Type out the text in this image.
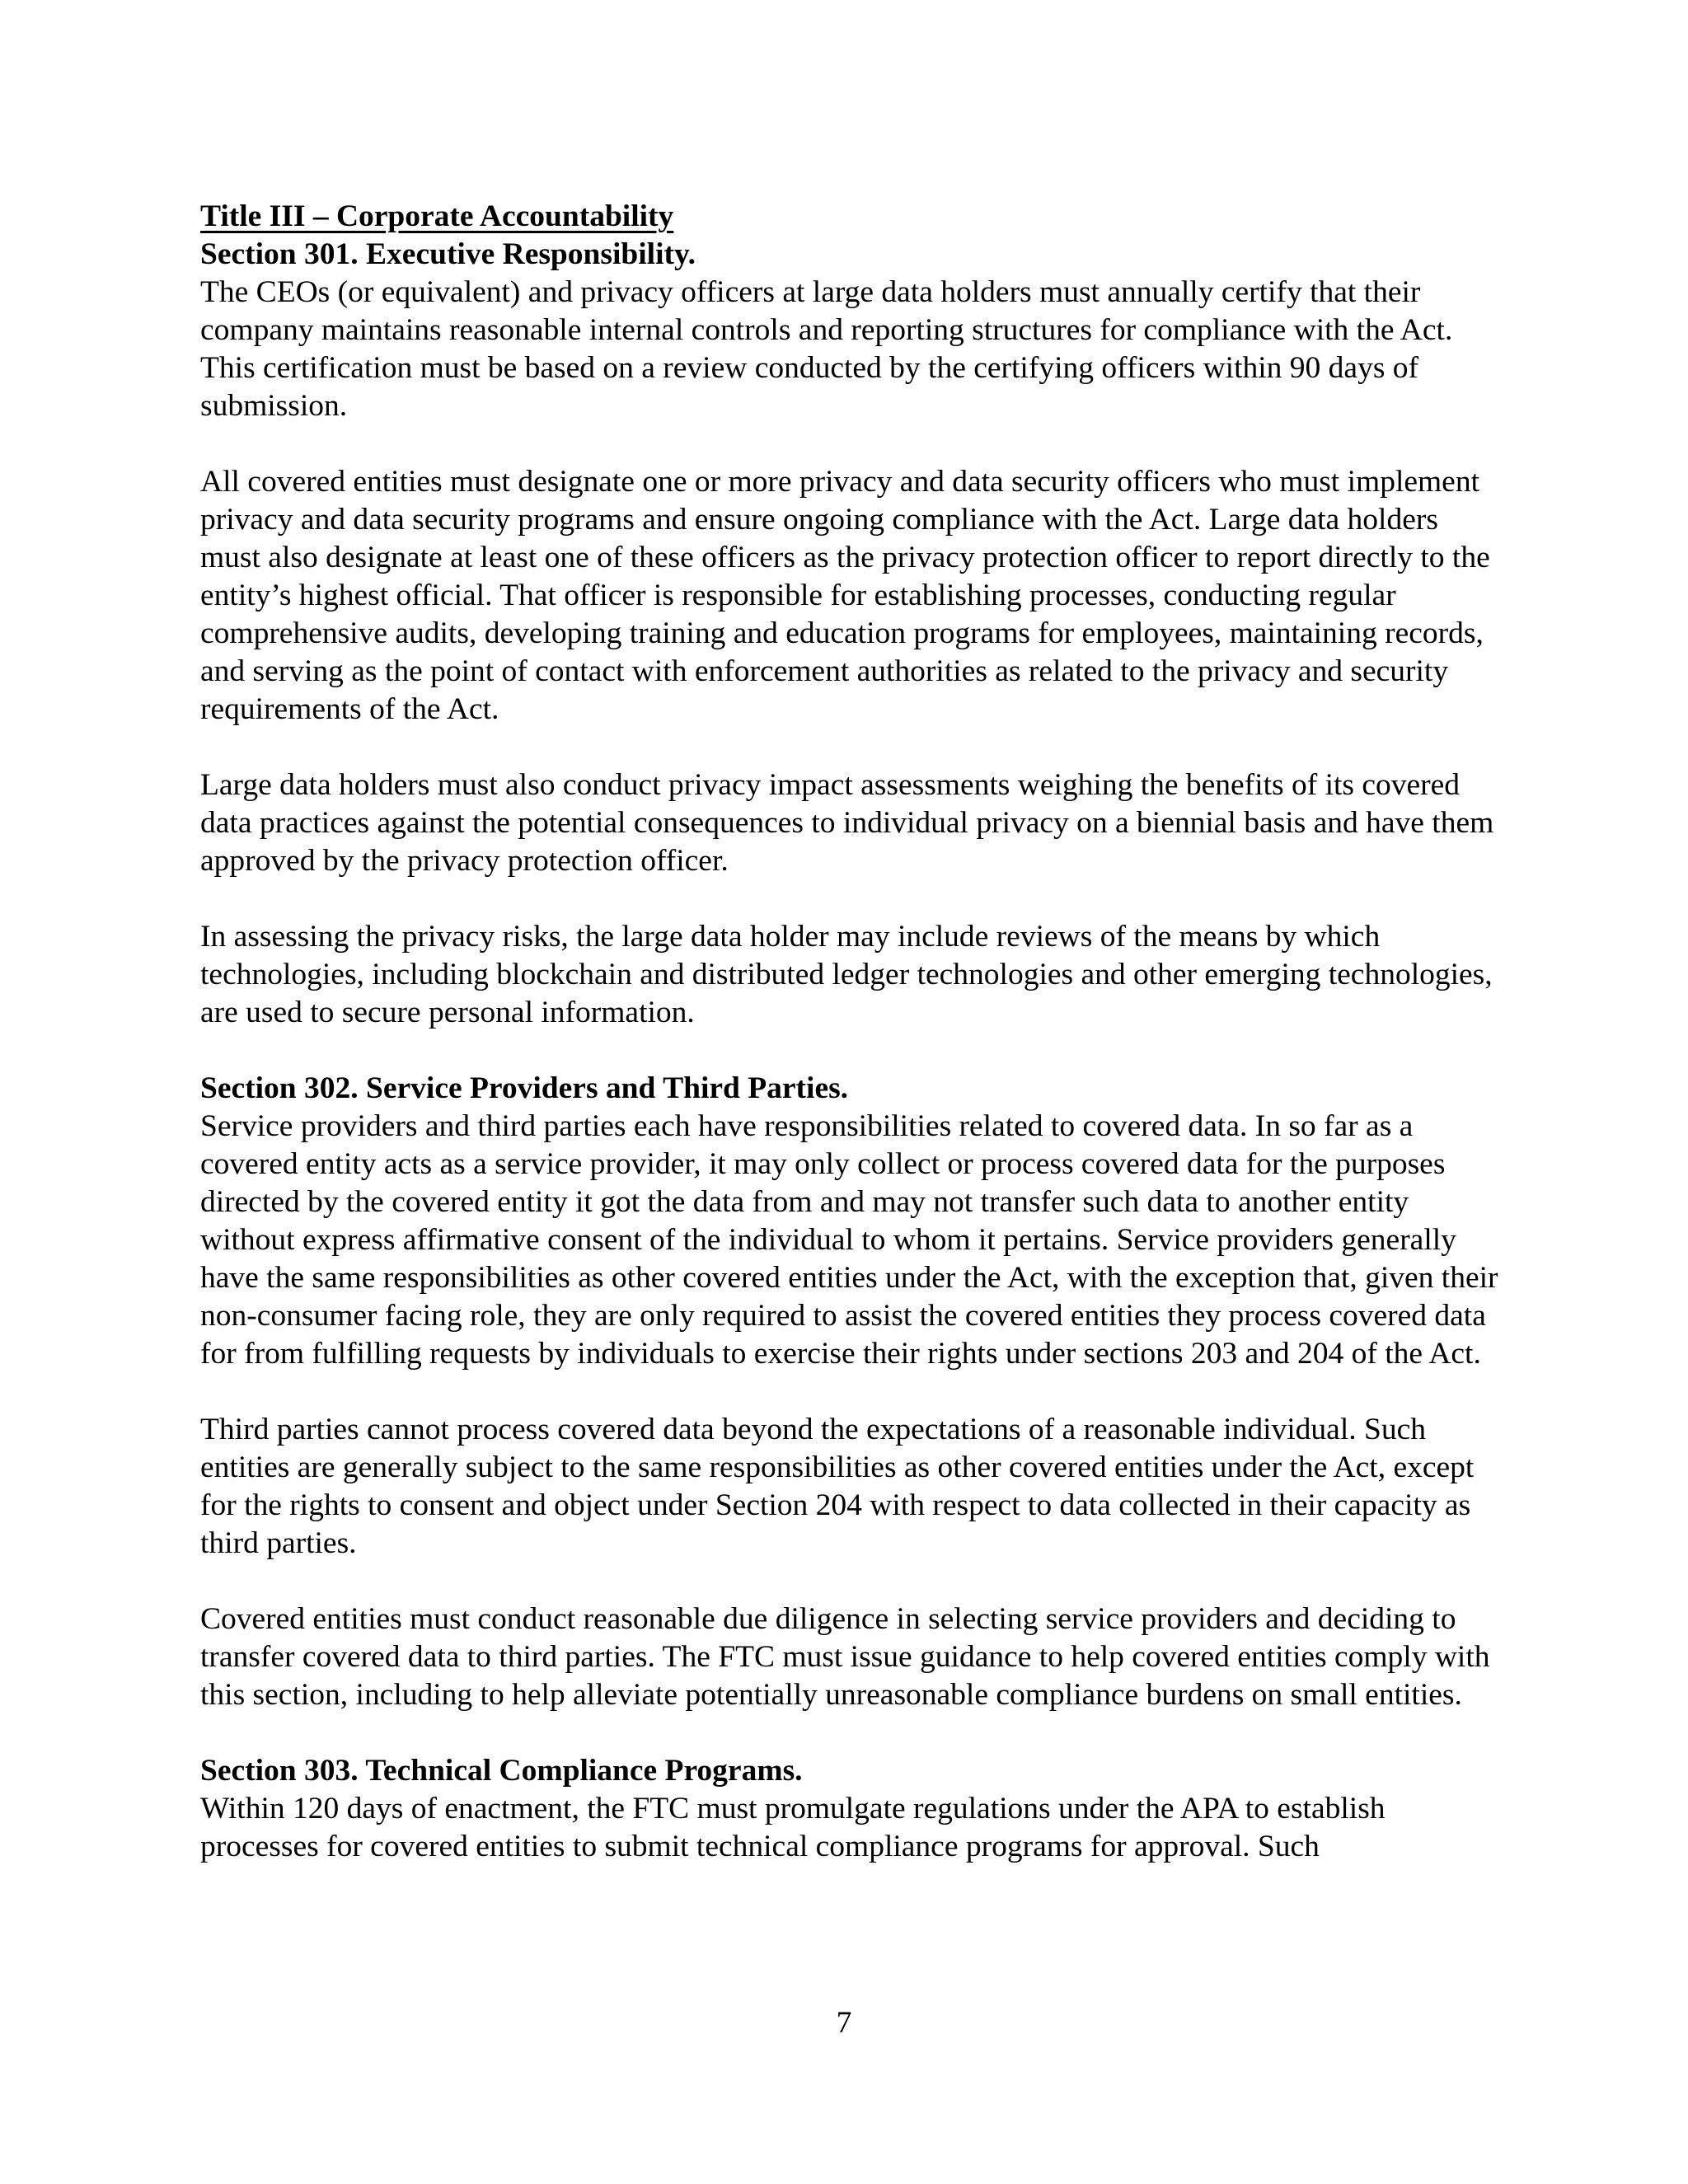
Title III – Corporate Accountability

Section 301. Executive Responsibility.

The CEOs (or equivalent) and privacy officers at large data holders must annually certify that their company maintains reasonable internal controls and reporting structures for compliance with the Act. This certification must be based on a review conducted by the certifying officers within 90 days of submission.

All covered entities must designate one or more privacy and data security officers who must implement privacy and data security programs and ensure ongoing compliance with the Act. Large data holders must also designate at least one of these officers as the privacy protection officer to report directly to the entity’s highest official. That officer is responsible for establishing processes, conducting regular comprehensive audits, developing training and education programs for employees, maintaining records, and serving as the point of contact with enforcement authorities as related to the privacy and security requirements of the Act.

Large data holders must also conduct privacy impact assessments weighing the benefits of its covered data practices against the potential consequences to individual privacy on a biennial basis and have them approved by the privacy protection officer.

In assessing the privacy risks, the large data holder may include reviews of the means by which technologies, including blockchain and distributed ledger technologies and other emerging technologies, are used to secure personal information.

Section 302. Service Providers and Third Parties.

Service providers and third parties each have responsibilities related to covered data. In so far as a covered entity acts as a service provider, it may only collect or process covered data for the purposes directed by the covered entity it got the data from and may not transfer such data to another entity without express affirmative consent of the individual to whom it pertains. Service providers generally have the same responsibilities as other covered entities under the Act, with the exception that, given their non-consumer facing role, they are only required to assist the covered entities they process covered data for from fulfilling requests by individuals to exercise their rights under sections 203 and 204 of the Act.

Third parties cannot process covered data beyond the expectations of a reasonable individual. Such entities are generally subject to the same responsibilities as other covered entities under the Act, except for the rights to consent and object under Section 204 with respect to data collected in their capacity as third parties.

Covered entities must conduct reasonable due diligence in selecting service providers and deciding to transfer covered data to third parties. The FTC must issue guidance to help covered entities comply with this section, including to help alleviate potentially unreasonable compliance burdens on small entities.

Section 303. Technical Compliance Programs.

Within 120 days of enactment, the FTC must promulgate regulations under the APA to establish processes for covered entities to submit technical compliance programs for approval. Such

7
